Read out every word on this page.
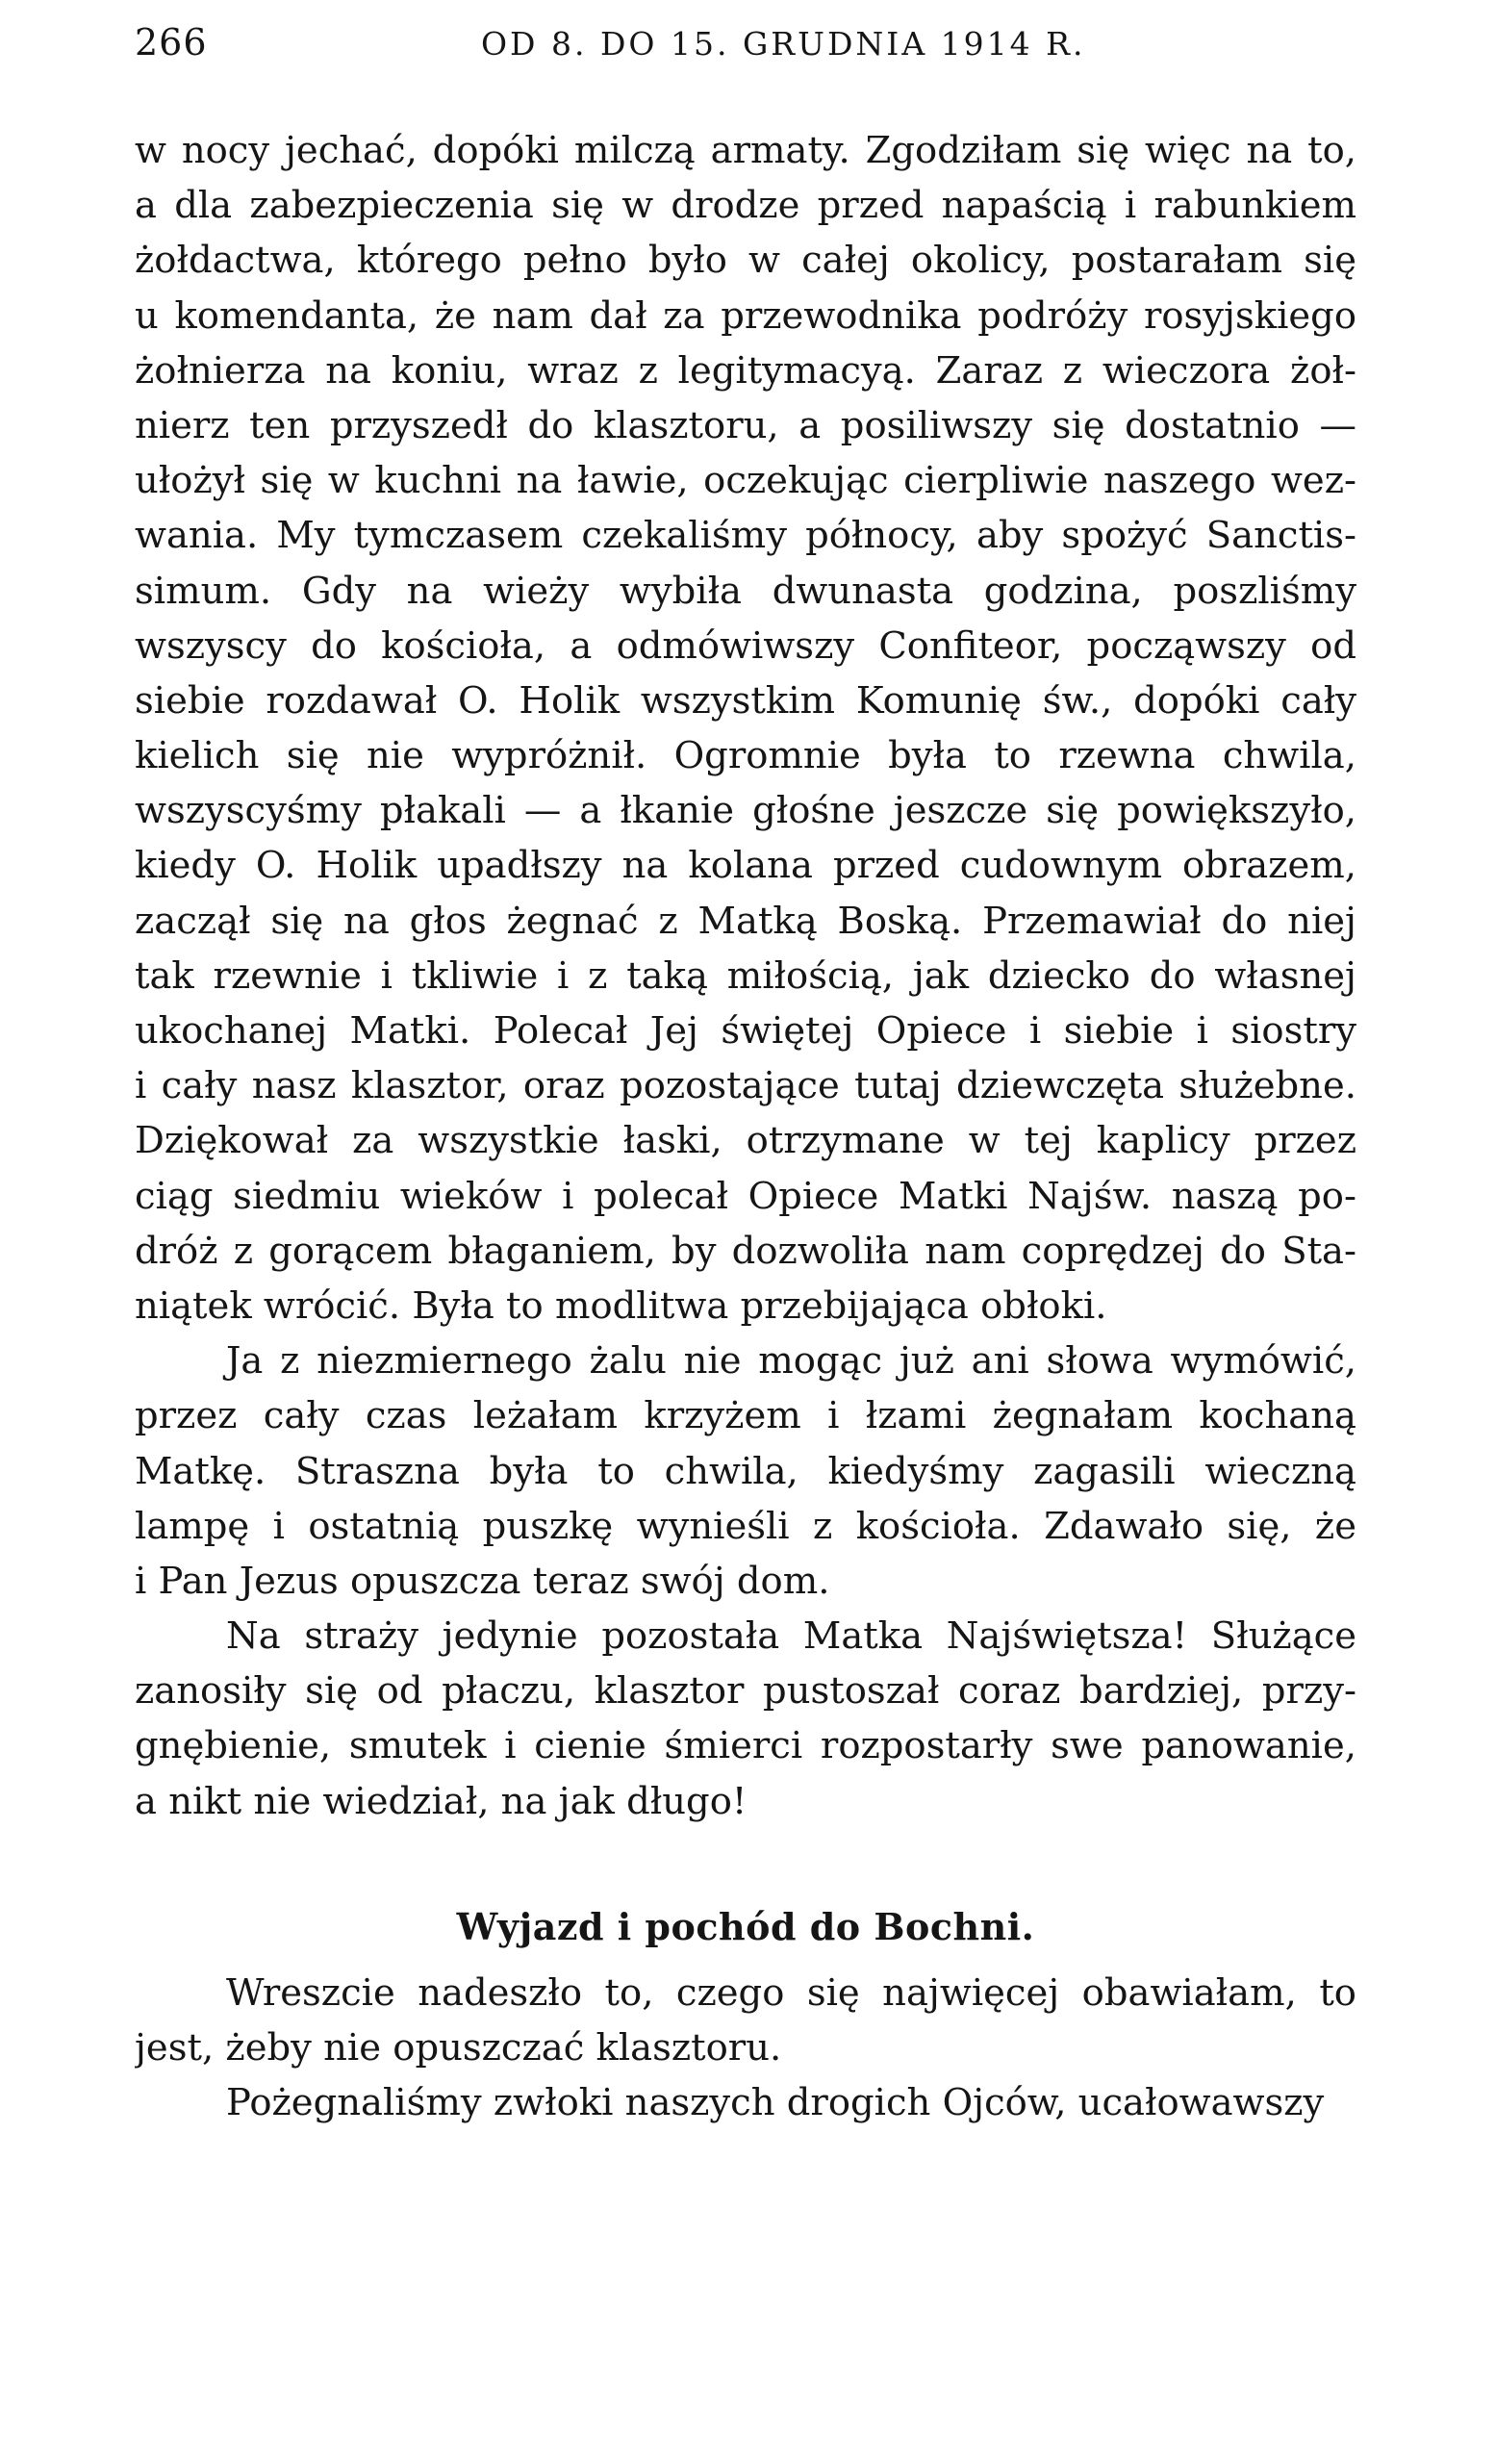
266	OD 8. DO 15. GRUDNIA 1914 R.
w nocy jechać, dopóki milczą armaty. Zgodziłam się więc na to,
a dla zabezpieczenia się w drodze przed napaścią i rabunkiem
żołdactwa, którego pełno było w całej okolicy, postarałam się
u komendanta, że nam dał za przewodnika podróży rosyjskiego
żołnierza na koniu, wraz z legitymacyą. Zaraz z wieczora żoł-
nierz ten przyszedł do klasztoru, a posiliwszy się dostatnio —
ułożył się w kuchni na ławie, oczekując cierpliwie naszego wez-
wania. My tymczasem czekaliśmy północy, aby spożyć Sanctis-
simum. Gdy na wieży wybiła dwunasta godzina, poszliśmy
wszyscy do kościoła, a odmówiwszy Confiteor, począwszy od
siebie rozdawał O. Holik wszystkim Komunię św., dopóki cały
kielich się nie wypróżnił. Ogromnie była to rzewna chwila,
wszyscyśmy płakali — a łkanie głośne jeszcze się powiększyło,
kiedy O. Holik upadłszy na kolana przed cudownym obrazem,
zaczął się na głos żegnać z Matką Boską. Przemawiał do niej
tak rzewnie i tkliwie i z taką miłością, jak dziecko do własnej
ukochanej Matki. Polecał Jej świętej Opiece i siebie i siostry
i cały nasz klasztor, oraz pozostające tutaj dziewczęta służebne.
Dziękował za wszystkie łaski, otrzymane w tej kaplicy przez
ciąg siedmiu wieków i polecał Opiece Matki Najśw. naszą po-
dróż z gorącem błaganiem, by dozwoliła nam coprędzej do Sta-
niątek wrócić. Była to modlitwa przebijająca obłoki.
Ja z niezmiernego żalu nie mogąc już ani słowa wymówić,
przez cały czas leżałam krzyżem i łzami żegnałam kochaną
Matkę. Straszna była to chwila, kiedyśmy zagasili wieczną
lampę i ostatnią puszkę wynieśli z kościoła. Zdawało się, że
i Pan Jezus opuszcza teraz swój dom.
Na straży jedynie pozostała Matka Najświętsza! Służące
zanosiły się od płaczu, klasztor pustoszał coraz bardziej, przy-
gnębienie, smutek i cienie śmierci rozpostarły swe panowanie,
a nikt nie wiedział, na jak długo!
Wyjazd i pochód do Bochni.
Wreszcie nadeszło to, czego się najwięcej obawiałam, to
jest, żeby nie opuszczać klasztoru.
Pożegnaliśmy zwłoki naszych drogich Ojców, ucałowawszy
